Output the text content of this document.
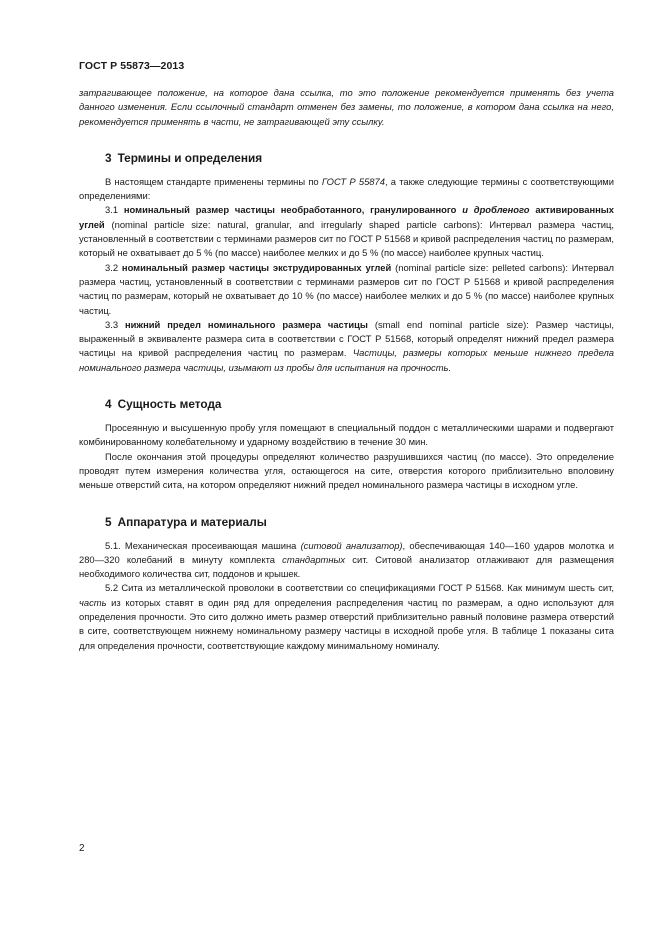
ГОСТ Р 55873—2013

затрагивающее положение, на которое дана ссылка, то это положение рекомендуется применять без учета данного изменения. Если ссылочный стандарт отменен без замены, то положение, в котором дана ссылка на него, рекомендуется применять в части, не затрагивающей эту ссылку.

3 Термины и определения

В настоящем стандарте применены термины по ГОСТ Р 55874, а также следующие термины с соответствующими определениями:

3.1 номинальный размер частицы необработанного, гранулированного и дробленого активированных углей (nominal particle size: natural, granular, and irregularly shaped particle carbons): Интервал размера частиц, установленный в соответствии с терминами размеров сит по ГОСТ Р 51568 и кривой распределения частиц по размерам, который не охватывает до 5 % (по массе) наиболее мелких и до 5 % (по массе) наиболее крупных частиц.

3.2 номинальный размер частицы экструдированных углей (nominal particle size: pelleted carbons): Интервал размера частиц, установленный в соответствии с терминами размеров сит по ГОСТ Р 51568 и кривой распределения частиц по размерам, который не охватывает до 10 % (по массе) наиболее мелких и до 5 % (по массе) наиболее крупных частиц.

3.3 нижний предел номинального размера частицы (small end nominal particle size): Размер частицы, выраженный в эквиваленте размера сита в соответствии с ГОСТ Р 51568, который определят нижний предел размера частицы на кривой распределения частиц по размерам. Частицы, размеры которых меньше нижнего предела номинального размера частицы, изымают из пробы для испытания на прочность.

4 Сущность метода

Просеянную и высушенную пробу угля помещают в специальный поддон с металлическими шарами и подвергают комбинированному колебательному и ударному воздействию в течение 30 мин.

После окончания этой процедуры определяют количество разрушившихся частиц (по массе). Это определение проводят путем измерения количества угля, остающегося на сите, отверстия которого приблизительно вполовину меньше отверстий сита, на котором определяют нижний предел номинального размера частицы в исходном угле.

5 Аппаратура и материалы

5.1. Механическая просеивающая машина (ситовой анализатор), обеспечивающая 140—160 ударов молотка и 280—320 колебаний в минуту комплекта стандартных сит. Ситовой анализатор отлаживают для размещения необходимого количества сит, поддонов и крышек.

5.2 Сита из металлической проволоки в соответствии со спецификациями ГОСТ Р 51568. Как минимум шесть сит, часть из которых ставят в один ряд для определения распределения частиц по размерам, а одно используют для определения прочности. Это сито должно иметь размер отверстий приблизительно равный половине размера отверстий в сите, соответствующем нижнему номинальному размеру частицы в исходной пробе угля. В таблице 1 показаны сита для определения прочности, соответствующие каждому минимальному номиналу.

2
